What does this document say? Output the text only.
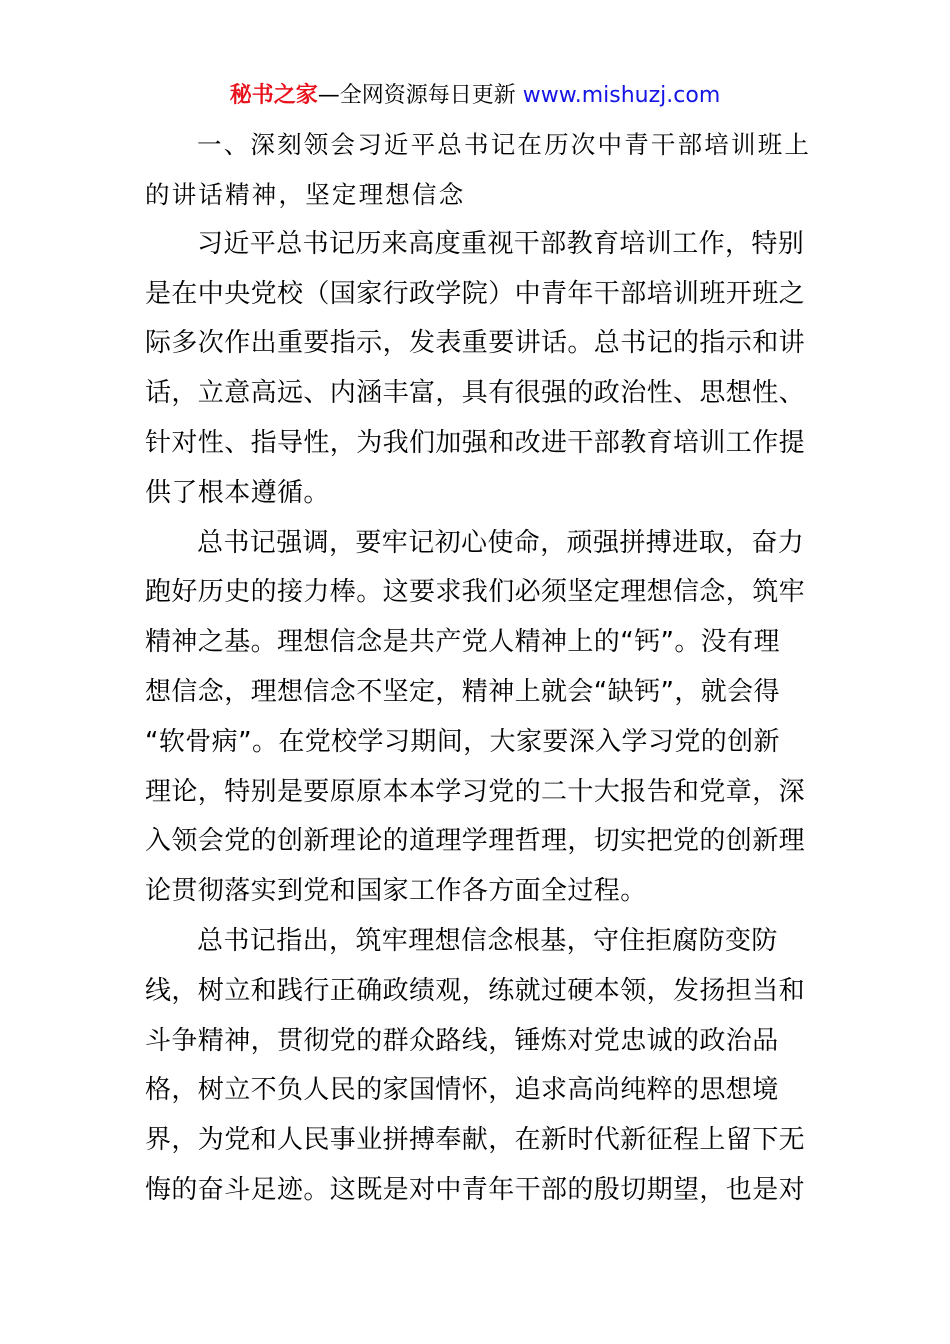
秘书之家—全网资源每日更新 www.mishuzj.com
一、深刻领会习近平总书记在历次中青干部培训班上
的讲话精神，坚定理想信念
习近平总书记历来高度重视干部教育培训工作，特别
是在中央党校（国家行政学院）中青年干部培训班开班之
际多次作出重要指示，发表重要讲话。总书记的指示和讲
话，立意高远、内涵丰富，具有很强的政治性、思想性、
针对性、指导性，为我们加强和改进干部教育培训工作提
供了根本遵循。
总书记强调，要牢记初心使命，顽强拼搏进取，奋力
跑好历史的接力棒。这要求我们必须坚定理想信念，筑牢
精神之基。理想信念是共产党人精神上的“钙”。没有理
想信念，理想信念不坚定，精神上就会“缺钙”，就会得
“软骨病”。在党校学习期间，大家要深入学习党的创新
理论，特别是要原原本本学习党的二十大报告和党章，深
入领会党的创新理论的道理学理哲理，切实把党的创新理
论贯彻落实到党和国家工作各方面全过程。
总书记指出，筑牢理想信念根基，守住拒腐防变防
线，树立和践行正确政绩观，练就过硬本领，发扬担当和
斗争精神，贯彻党的群众路线，锤炼对党忠诚的政治品
格，树立不负人民的家国情怀，追求高尚纯粹的思想境
界，为党和人民事业拼搏奉献，在新时代新征程上留下无
悔的奋斗足迹。这既是对中青年干部的殷切期望，也是对
